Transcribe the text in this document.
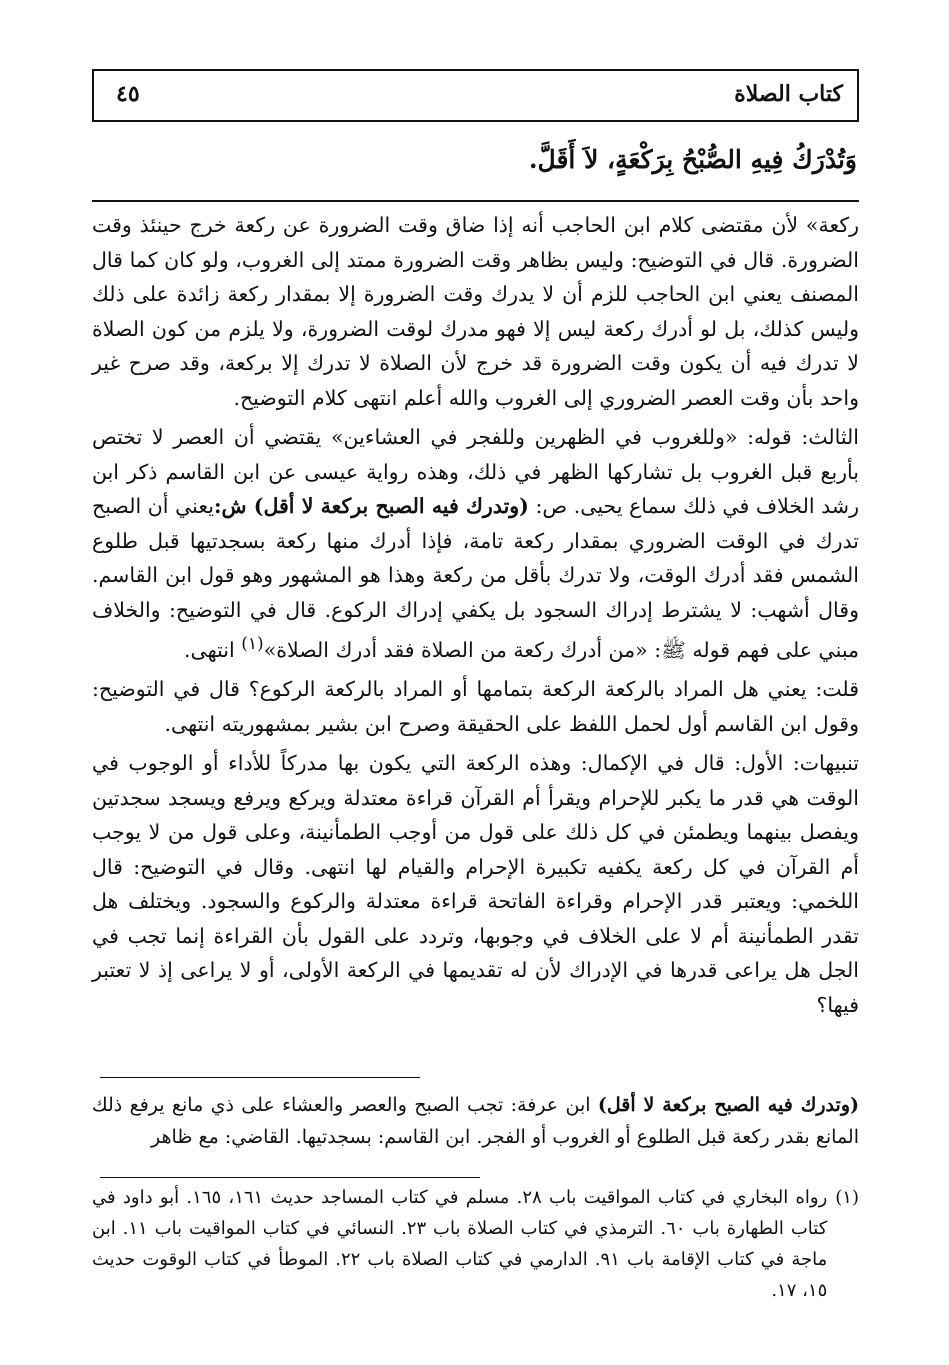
كتاب الصلاة
٤٥
وَتُدْرَكُ فِيهِ الصُّبْحُ بِرَكْعَةٍ، لاَ أَقَلَّ.

ركعة» لأن مقتضى كلام ابن الحاجب أنه إذا ضاق وقت الضرورة عن ركعة خرج حينئذ وقت الضرورة. قال في التوضيح: وليس بظاهر وقت الضرورة ممتد إلى الغروب، ولو كان كما قال المصنف يعني ابن الحاجب للزم أن لا يدرك وقت الضرورة إلا بمقدار ركعة زائدة على ذلك وليس كذلك، بل لو أدرك ركعة ليس إلا فهو مدرك لوقت الضرورة، ولا يلزم من كون الصلاة لا تدرك فيه أن يكون وقت الضرورة قد خرج لأن الصلاة لا تدرك إلا بركعة، وقد صرح غير واحد بأن وقت العصر الضروري إلى الغروب والله أعلم انتهى كلام التوضيح.

الثالث: قوله: «وللغروب في الظهرين وللفجر في العشاءين» يقتضي أن العصر لا تختص بأربع قبل الغروب بل تشاركها الظهر في ذلك، وهذه رواية عيسى عن ابن القاسم ذكر ابن رشد الخلاف في ذلك سماع يحيى. ص: (وتدرك فيه الصبح بركعة لا أقل) ش:يعني أن الصبح تدرك في الوقت الضروري بمقدار ركعة تامة، فإذا أدرك منها ركعة بسجدتيها قبل طلوع الشمس فقد أدرك الوقت، ولا تدرك بأقل من ركعة وهذا هو المشهور وهو قول ابن القاسم. وقال أشهب: لا يشترط إدراك السجود بل يكفي إدراك الركوع. قال في التوضيح: والخلاف مبني على فهم قوله ﷺ: «من أدرك ركعة من الصلاة فقد أدرك الصلاة»$^{(١)}$ انتهى.

قلت: يعني هل المراد بالركعة الركعة بتمامها أو المراد بالركعة الركوع؟ قال في التوضيح: وقول ابن القاسم أول لحمل اللفظ على الحقيقة وصرح ابن بشير بمشهوريته انتهى.

تنبيهات: الأول: قال في الإكمال: وهذه الركعة التي يكون بها مدركاً للأداء أو الوجوب في الوقت هي قدر ما يكبر للإحرام ويقرأ أم القرآن قراءة معتدلة ويركع ويرفع ويسجد سجدتين ويفصل بينهما ويطمئن في كل ذلك على قول من أوجب الطمأنينة، وعلى قول من لا يوجب أم القرآن في كل ركعة يكفيه تكبيرة الإحرام والقيام لها انتهى. وقال في التوضيح: قال اللخمي: ويعتبر قدر الإحرام وقراءة الفاتحة قراءة معتدلة والركوع والسجود. ويختلف هل تقدر الطمأنينة أم لا على الخلاف في وجوبها، وتردد على القول بأن القراءة إنما تجب في الجل هل يراعى قدرها في الإدراك لأن له تقديمها في الركعة الأولى، أو لا يراعى إذ لا تعتبر فيها؟

(وتدرك فيه الصبح بركعة لا أقل) ابن عرفة: تجب الصبح والعصر والعشاء على ذي مانع يرفع ذلك المانع بقدر ركعة قبل الطلوع أو الغروب أو الفجر. ابن القاسم: بسجدتيها. القاضي: مع ظاهر
(١)
رواه البخاري في كتاب المواقيت باب ٢٨. مسلم في كتاب المساجد حديث ١٦١، ١٦٥. أبو داود في كتاب الطهارة باب ٦٠. الترمذي في كتاب الصلاة باب ٢٣. النسائي في كتاب المواقيت باب ١١. ابن ماجة في كتاب الإقامة باب ٩١. الدارمي في كتاب الصلاة باب ٢٢. الموطأ في كتاب الوقوت حديث ١٥، ١٧.
